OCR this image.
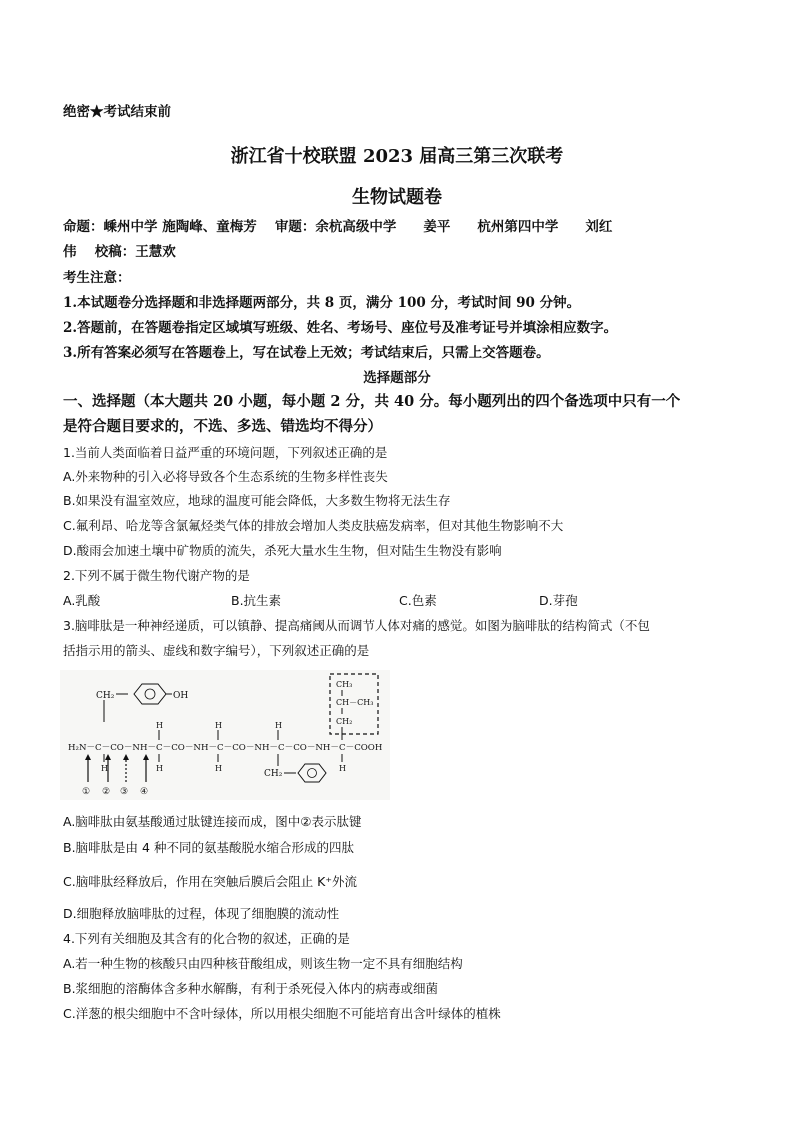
绝密★考试结束前
浙江省十校联盟 2023 届高三第三次联考
生物试题卷
命题：嵊州中学 施陶峰、童梅芳　 审题：余杭高级中学　　姜平　　杭州第四中学　　刘红
伟　 校稿：王慧欢
考生注意：
1.本试题卷分选择题和非选择题两部分，共 8 页，满分 100 分，考试时间 90 分钟。
2.答题前，在答题卷指定区域填写班级、姓名、考场号、座位号及准考证号并填涂相应数字。
3.所有答案必须写在答题卷上，写在试卷上无效；考试结束后，只需上交答题卷。
选择题部分
一、选择题（本大题共 20 小题，每小题 2 分，共 40 分。每小题列出的四个备选项中只有一个
是符合题目要求的，不选、多选、错选均不得分）
1.当前人类面临着日益严重的环境问题，下列叙述正确的是
A.外来物种的引入必将导致各个生态系统的生物多样性丧失
B.如果没有温室效应，地球的温度可能会降低，大多数生物将无法生存
C.氟利昂、哈龙等含氯氟烃类气体的排放会增加人类皮肤癌发病率，但对其他生物影响不大
D.酸雨会加速土壤中矿物质的流失，杀死大量水生生物，但对陆生生物没有影响
2.下列不属于微生物代谢产物的是
A.乳酸	B.抗生素	C.色素	D.芽孢
3.脑啡肽是一种神经递质，可以镇静、提高痛阈从而调节人体对痛的感觉。如图为脑啡肽的结构简式（不包
括指示用的箭头、虚线和数字编号），下列叙述正确的是
CH₂	OH
H₂N－C－CO－NH－C－CO－NH－C－CO－NH－C－CO－NH－C－COOH
H	H
H	H
H
H
CH₂
CH₃
CH－CH₃
CH₂
H
① ② ③ ④
A.脑啡肽由氨基酸通过肽键连接而成，图中②表示肽键
B.脑啡肽是由 4 种不同的氨基酸脱水缩合形成的四肽
C.脑啡肽经释放后，作用在突触后膜后会阻止 K⁺外流
D.细胞释放脑啡肽的过程，体现了细胞膜的流动性
4.下列有关细胞及其含有的化合物的叙述，正确的是
A.若一种生物的核酸只由四种核苷酸组成，则该生物一定不具有细胞结构
B.浆细胞的溶酶体含多种水解酶，有利于杀死侵入体内的病毒或细菌
C.洋葱的根尖细胞中不含叶绿体，所以用根尖细胞不可能培育出含叶绿体的植株
